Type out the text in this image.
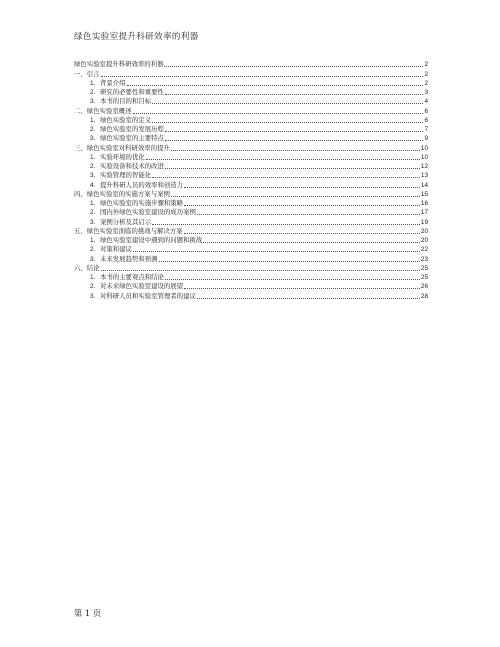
绿色实验室提升科研效率的利器
绿色实验室提升科研效率的利器	2
一、引言	2
1. 背景介绍	2
2. 研究的必要性和重要性	3
3. 本书的目的和目标	4
二、绿色实验室概述	6
1. 绿色实验室的定义	6
2. 绿色实验室的发展历程	7
3. 绿色实验室的主要特点	9
三、绿色实验室对科研效率的提升	10
1. 实验环境的优化	10
2. 实验设备和技术的改进	12
3. 实验管理的智能化	13
4. 提升科研人员的效率和创造力	14
四、绿色实验室的实施方案与案例	15
1. 绿色实验室的实施步骤和策略	16
2. 国内外绿色实验室建设的成功案例	17
3. 案例分析及其启示	19
五、绿色实验室面临的挑战与解决方案	20
1. 绿色实验室建设中遇到的问题和挑战	20
2. 对策和建议	22
3. 未来发展趋势和预测	23
六、结论	25
1. 本书的主要观点和结论	25
2. 对未来绿色实验室建设的展望	26
3. 对科研人员和实验室管理者的建议	28
第 1 页
